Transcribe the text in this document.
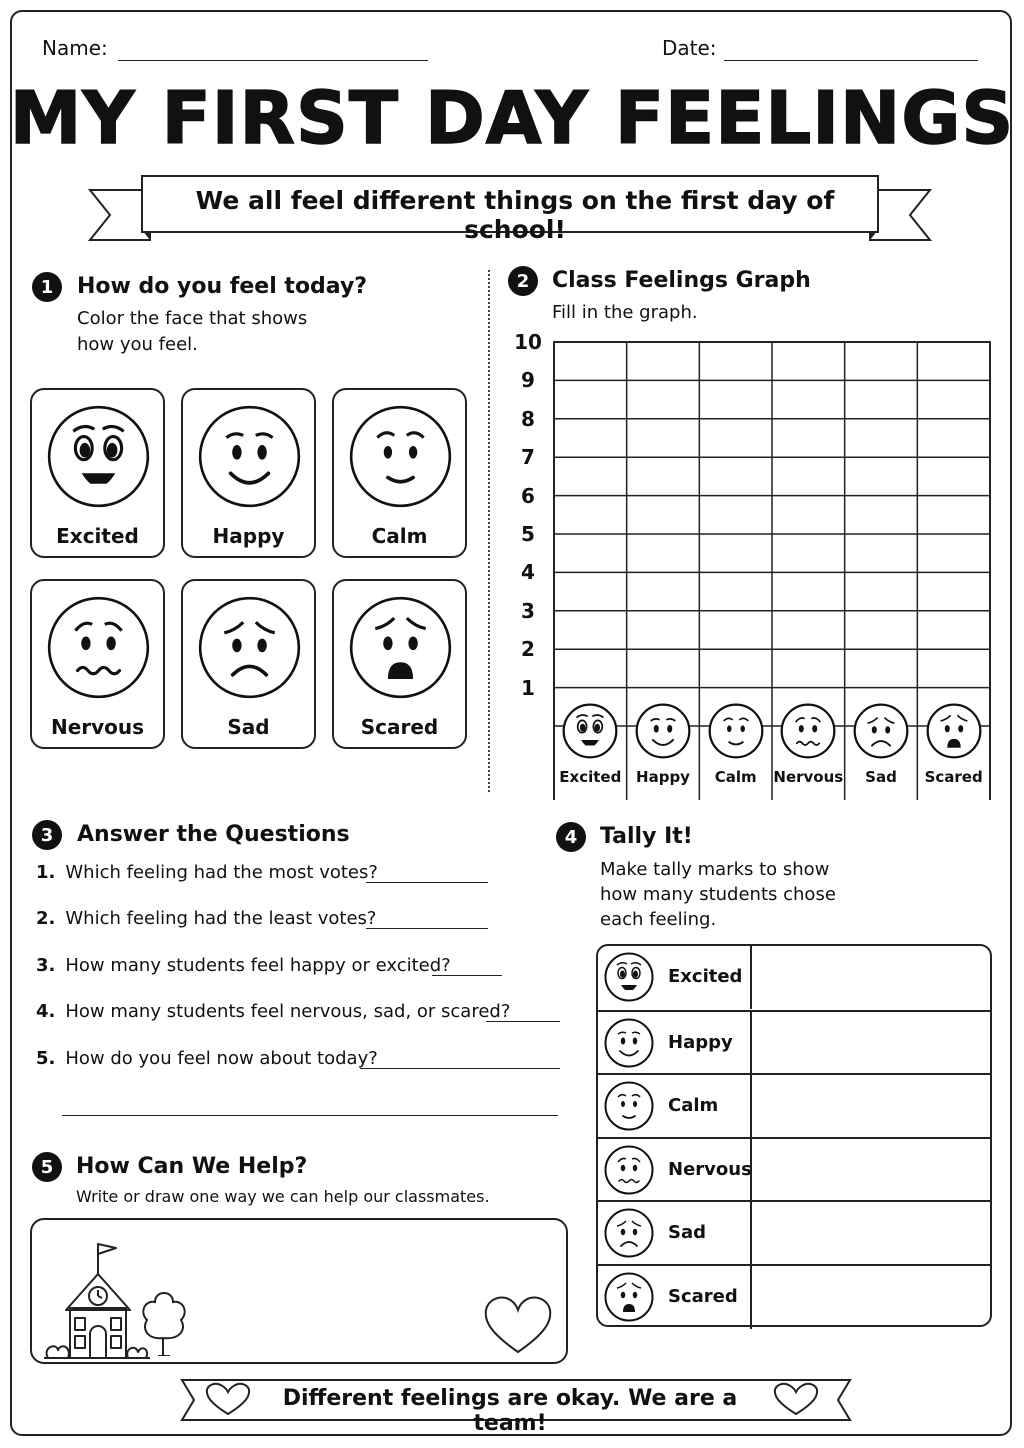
Name:	Date:
MY FIRST DAY FEELINGS
We all feel different things on the first day of school!
1	How do you feel today?
Color the face that shows
how you feel.
Excited	Happy	Calm
Nervous	Sad	Scared
2	Class Feelings Graph
Fill in the graph.
10
9
8
7
6
5
4
3
2
1
Excited Happy	Calm	Nervous	Sad	Scared
3	Answer the Questions
1. Which feeling had the most votes?
2. Which feeling had the least votes?
3. How many students feel happy or excited?
4. How many students feel nervous, sad, or scared?
5. How do you feel now about today?
4	Tally It!
Make tally marks to show
how many students chose
each feeling.
Excited
Happy
Calm
Nervous
Sad
Scared
5	How Can We Help?
Write or draw one way we can help our classmates.
Different feelings are okay. We are a team!
